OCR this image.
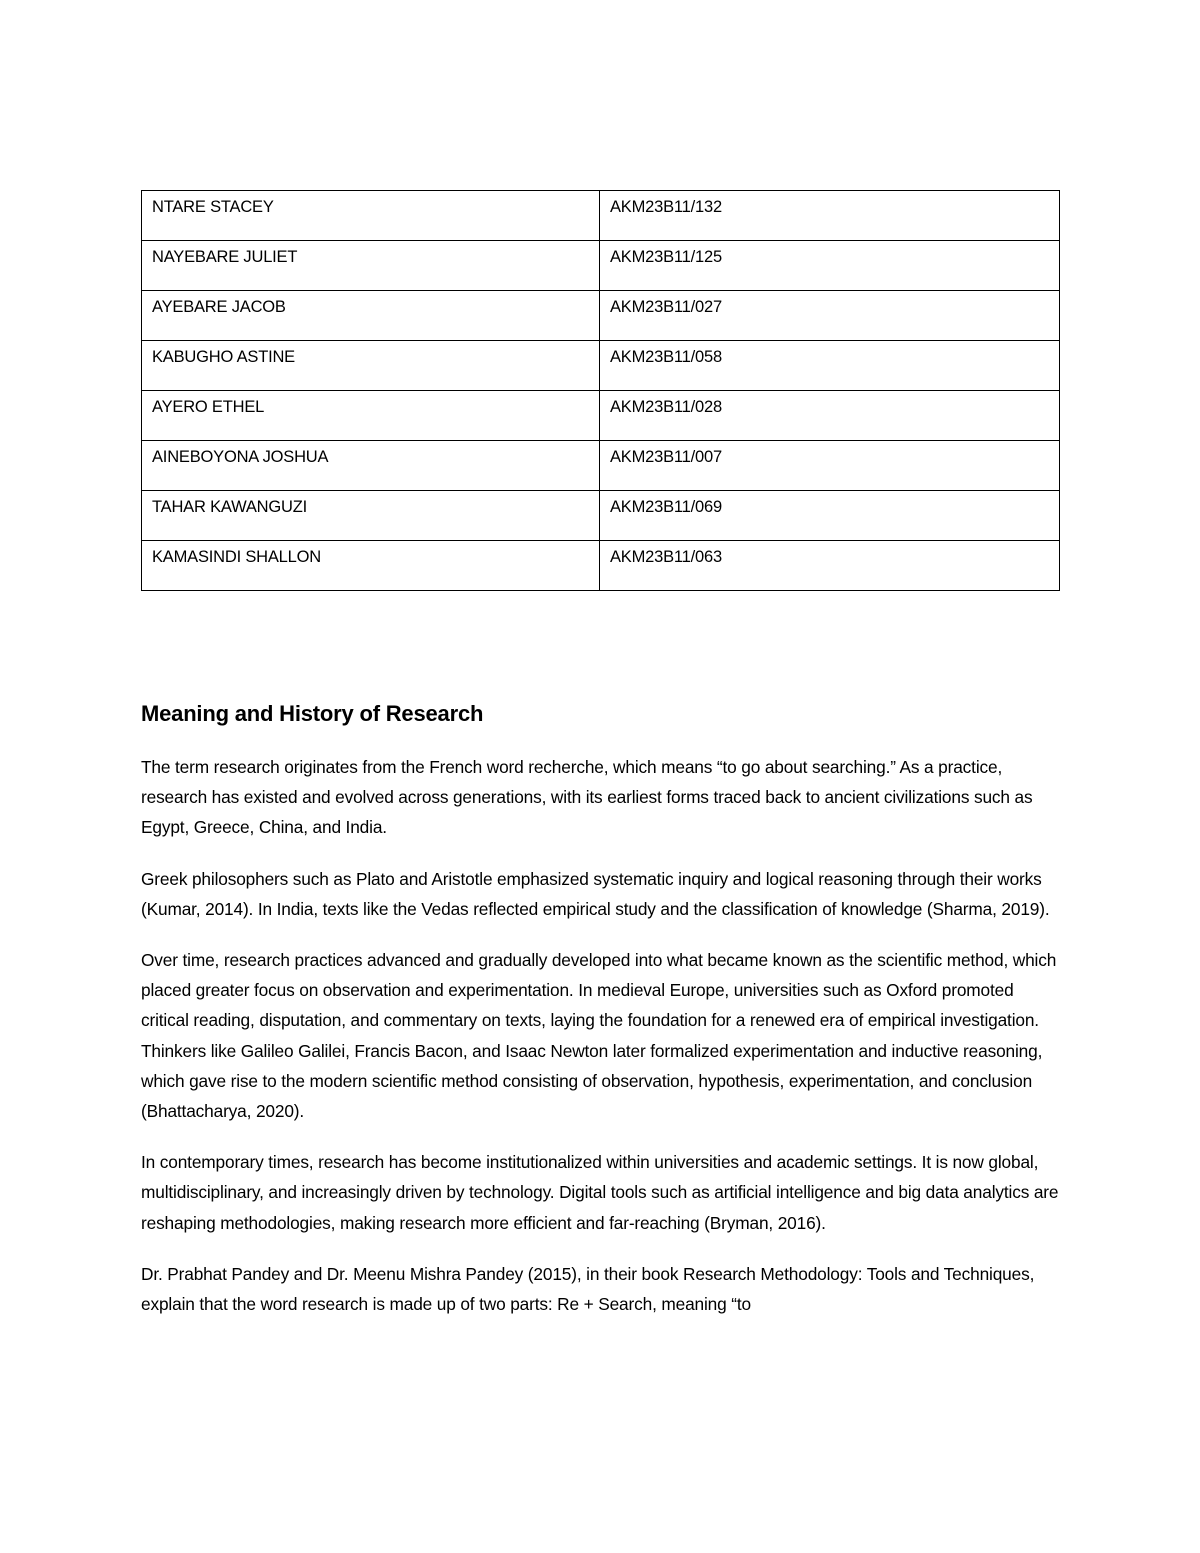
NTARE STACEY	AKM23B11/132
NAYEBARE JULIET	AKM23B11/125
AYEBARE JACOB	AKM23B11/027
KABUGHO ASTINE	AKM23B11/058
AYERO ETHEL	AKM23B11/028
AINEBOYONA JOSHUA	AKM23B11/007
TAHAR KAWANGUZI	AKM23B11/069
KAMASINDI SHALLON	AKM23B11/063
Meaning and History of Research

The term research originates from the French word recherche, which means “to go about searching.” As a practice, research has existed and evolved across generations, with its earliest forms traced back to ancient civilizations such as Egypt, Greece, China, and India.

Greek philosophers such as Plato and Aristotle emphasized systematic inquiry and logical reasoning through their works (Kumar, 2014). In India, texts like the Vedas reflected empirical study and the classification of knowledge (Sharma, 2019).

Over time, research practices advanced and gradually developed into what became known as the scientific method, which placed greater focus on observation and experimentation. In medieval Europe, universities such as Oxford promoted critical reading, disputation, and commentary on texts, laying the foundation for a renewed era of empirical investigation. Thinkers like Galileo Galilei, Francis Bacon, and Isaac Newton later formalized experimentation and inductive reasoning, which gave rise to the modern scientific method consisting of observation, hypothesis, experimentation, and conclusion (Bhattacharya, 2020).

In contemporary times, research has become institutionalized within universities and academic settings. It is now global, multidisciplinary, and increasingly driven by technology. Digital tools such as artificial intelligence and big data analytics are reshaping methodologies, making research more efficient and far-reaching (Bryman, 2016).

Dr. Prabhat Pandey and Dr. Meenu Mishra Pandey (2015), in their book Research Methodology: Tools and Techniques, explain that the word research is made up of two parts: Re + Search, meaning “to
